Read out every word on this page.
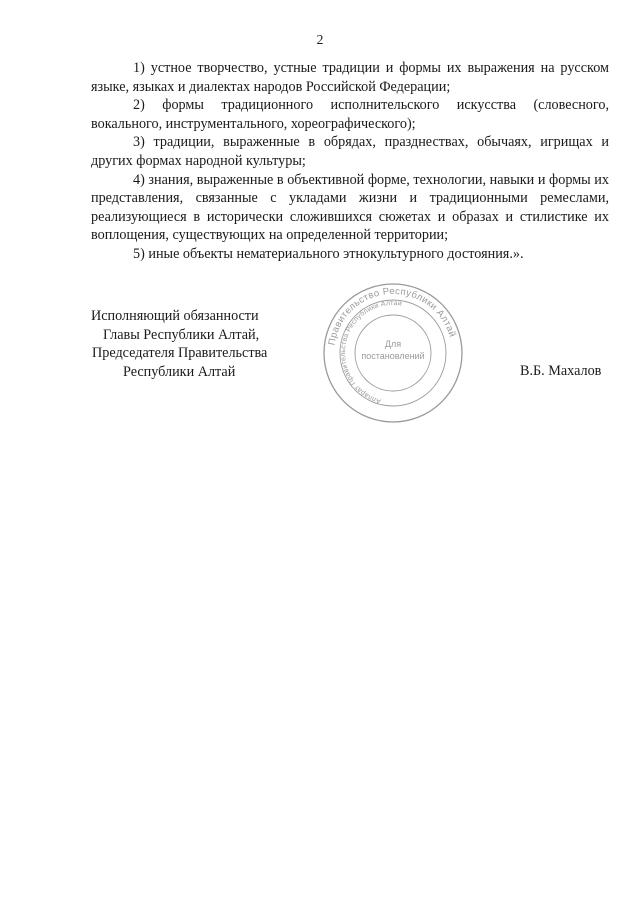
2

1) устное творчество, устные традиции и формы их выражения на русском языке, языках и диалектах народов Российской Федерации;

2) формы традиционного исполнительского искусства (словесного, вокального, инструментального, хореографического);

3) традиции, выраженные в обрядах, празднествах, обычаях, игрищах и других формах народной культуры;

4) знания, выраженные в объективной форме, технологии, навыки и формы их представления, связанные с укладами жизни и традиционными ремеслами, реализующиеся в исторически сложившихся сюжетах и образах и стилистике их воплощения, существующих на определенной территории;

5) иные объекты нематериального этнокультурного достояния.».

Исполняющий обязанности
Главы Республики Алтай,
Председателя Правительства
Республики Алтай
Правительство Республики Алтай
Аппарат Правительства Республики Алтай
Для
постановлений
В.Б. Махалов
